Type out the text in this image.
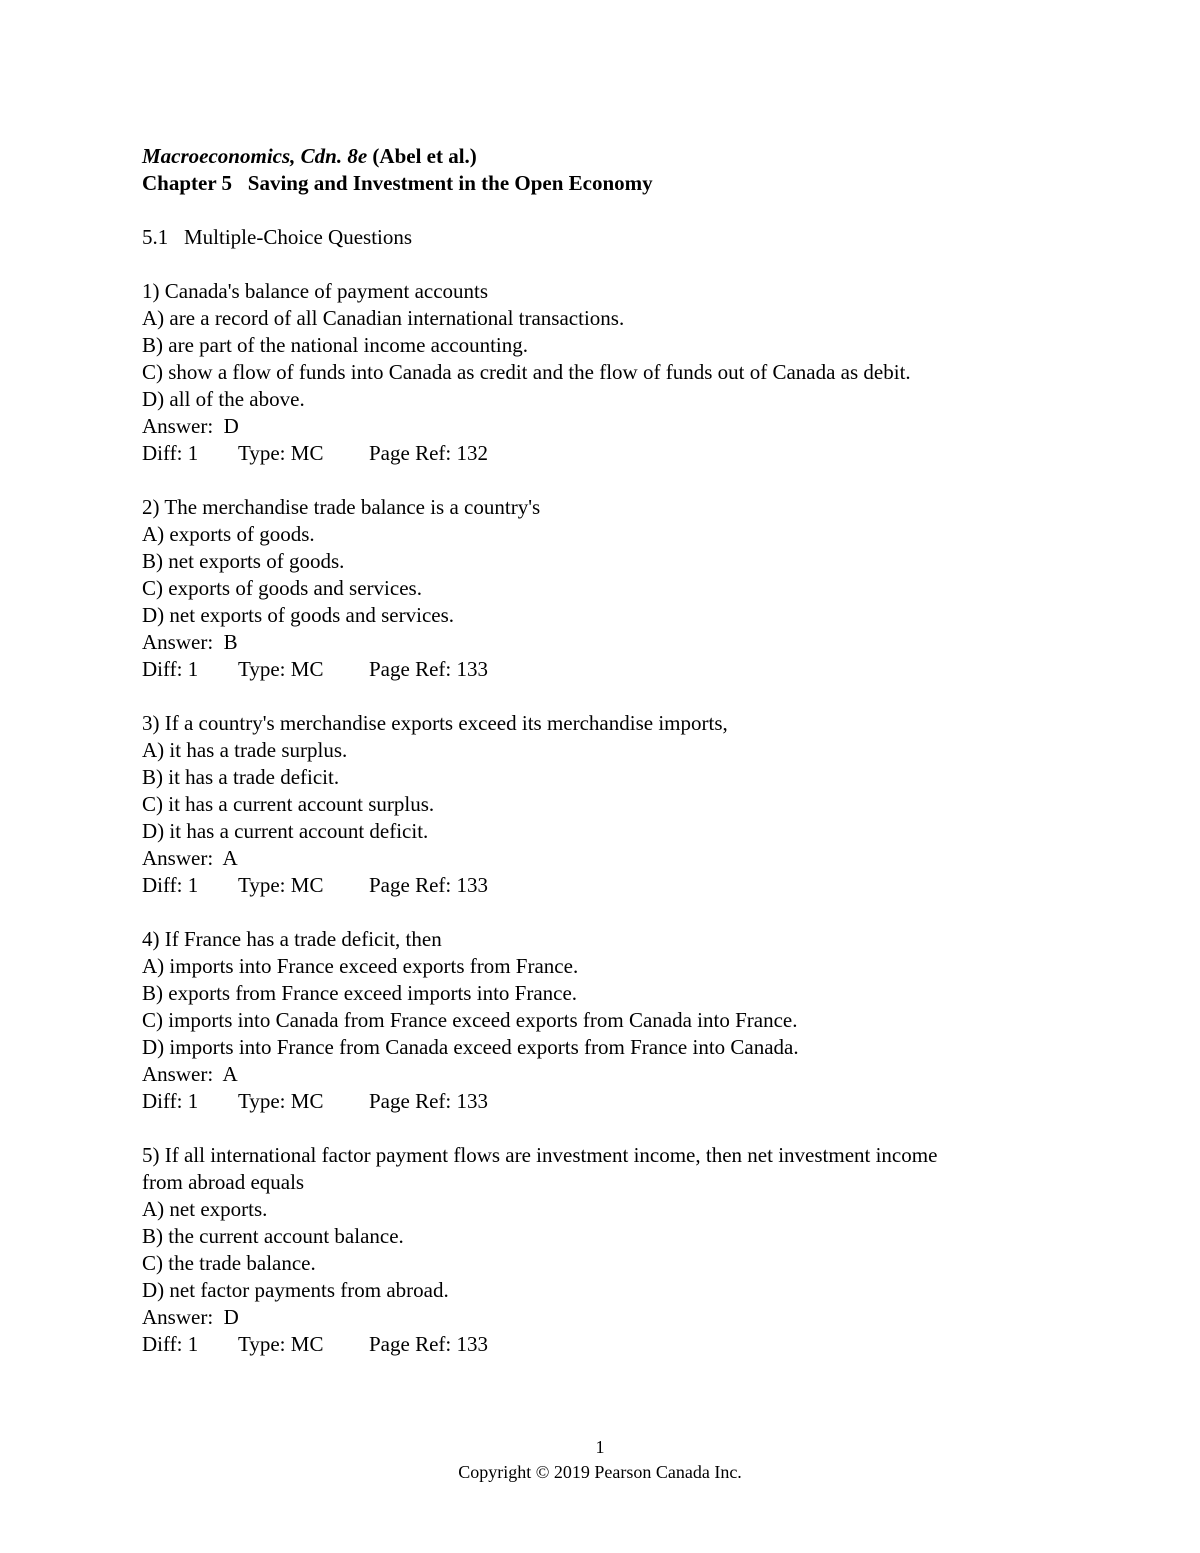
Macroeconomics, Cdn. 8e (Abel et al.)
Chapter 5   Saving and Investment in the Open Economy
5.1   Multiple-Choice Questions
1) Canada's balance of payment accounts
A) are a record of all Canadian international transactions.
B) are part of the national income accounting.
C) show a flow of funds into Canada as credit and the flow of funds out of Canada as debit.
D) all of the above.
Answer:  D
Diff: 1	Type: MC	Page Ref: 132
2) The merchandise trade balance is a country's
A) exports of goods.
B) net exports of goods.
C) exports of goods and services.
D) net exports of goods and services.
Answer:  B
Diff: 1	Type: MC	Page Ref: 133
3) If a country's merchandise exports exceed its merchandise imports,
A) it has a trade surplus.
B) it has a trade deficit.
C) it has a current account surplus.
D) it has a current account deficit.
Answer:  A
Diff: 1	Type: MC	Page Ref: 133
4) If France has a trade deficit, then
A) imports into France exceed exports from France.
B) exports from France exceed imports into France.
C) imports into Canada from France exceed exports from Canada into France.
D) imports into France from Canada exceed exports from France into Canada.
Answer:  A
Diff: 1	Type: MC	Page Ref: 133
5) If all international factor payment flows are investment income, then net investment income
from abroad equals
A) net exports.
B) the current account balance.
C) the trade balance.
D) net factor payments from abroad.
Answer:  D
Diff: 1	Type: MC	Page Ref: 133
1
Copyright © 2019 Pearson Canada Inc.
